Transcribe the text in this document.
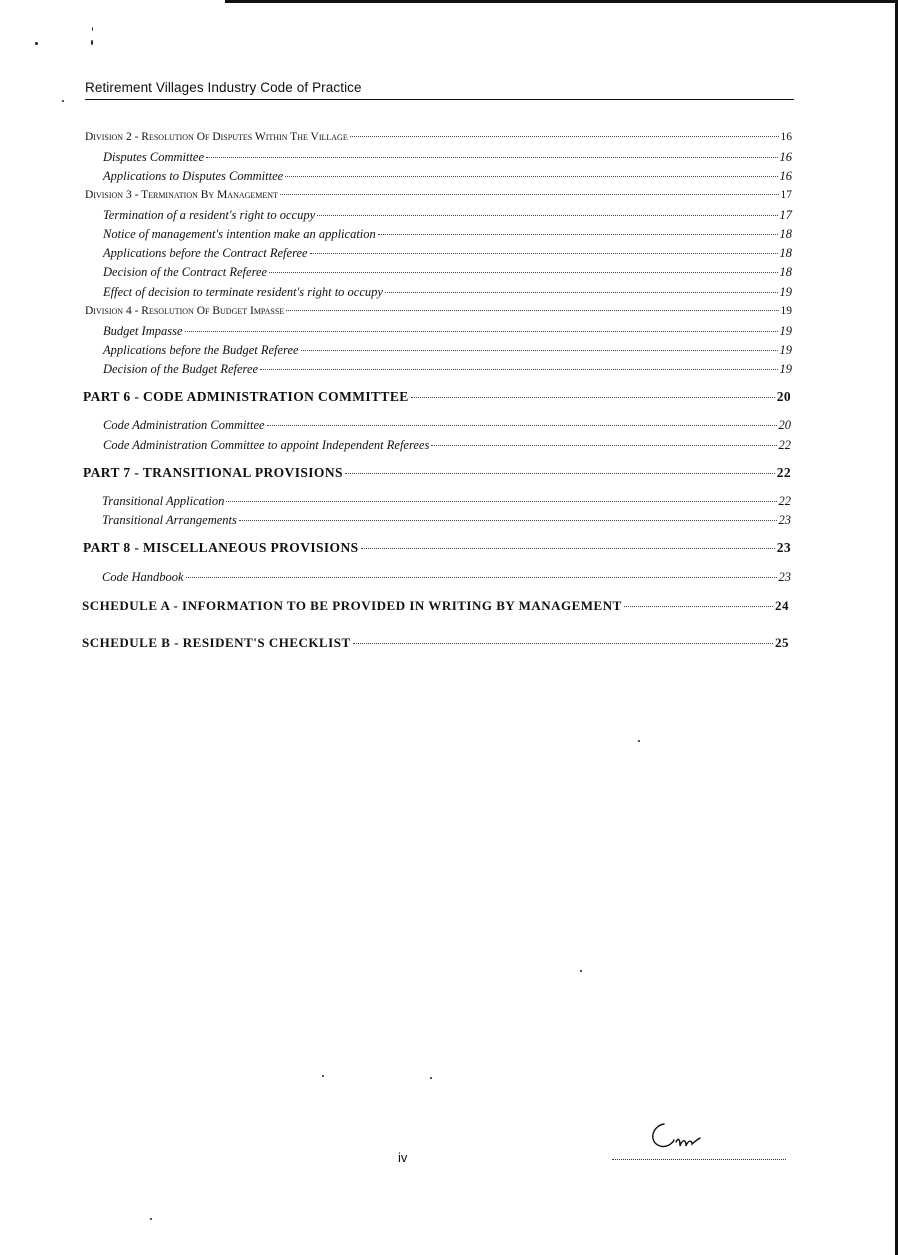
Retirement Villages Industry Code of Practice
Division 2 - Resolution Of Disputes Within The Village	16
Disputes Committee	16
Applications to Disputes Committee	16
Division 3 - Termination By Management	17
Termination of a resident's right to occupy	17
Notice of management's intention make an application	18
Applications before the Contract Referee	18
Decision of the Contract Referee	18
Effect of decision to terminate resident's right to occupy	19
Division 4 - Resolution Of Budget Impasse	19
Budget Impasse	19
Applications before the Budget Referee	19
Decision of the Budget Referee	19
PART 6 - CODE ADMINISTRATION COMMITTEE	20
Code Administration Committee	20
Code Administration Committee to appoint Independent Referees	22
PART 7 - TRANSITIONAL PROVISIONS	22
Transitional Application	22
Transitional Arrangements	23
PART 8 - MISCELLANEOUS PROVISIONS	23
Code Handbook	23
SCHEDULE A - INFORMATION TO BE PROVIDED IN WRITING BY MANAGEMENT	24
SCHEDULE B - RESIDENT'S CHECKLIST	25
iv
